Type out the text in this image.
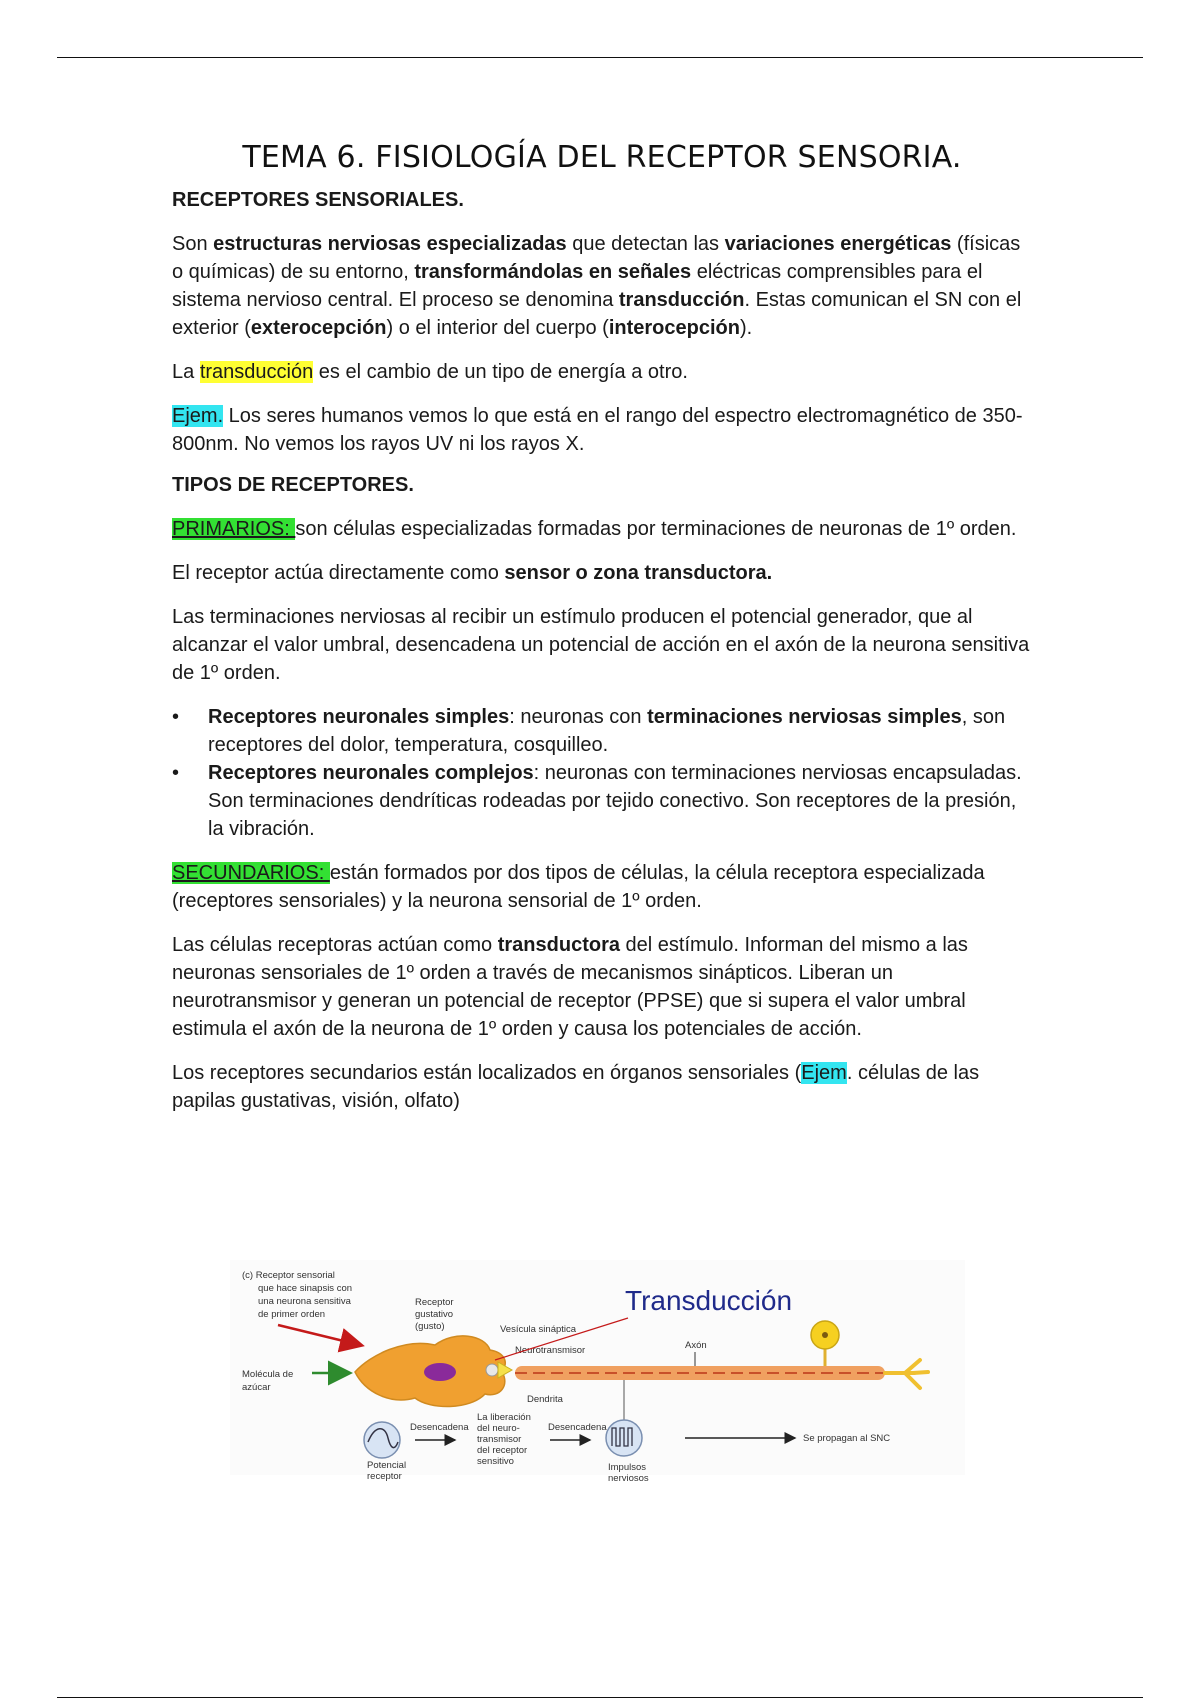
TEMA 6. FISIOLOGÍA DEL RECEPTOR SENSORIA.
RECEPTORES SENSORIALES.

Son estructuras nerviosas especializadas que detectan las variaciones energéticas (físicas o químicas) de su entorno, transformándolas en señales eléctricas comprensibles para el sistema nervioso central. El proceso se denomina transducción. Estas comunican el SN con el exterior (exterocepción) o el interior del cuerpo (interocepción).

La transducción es el cambio de un tipo de energía a otro.

Ejem. Los seres humanos vemos lo que está en el rango del espectro electromagnético de 350-800nm. No vemos los rayos UV ni los rayos X.

TIPOS DE RECEPTORES.

PRIMARIOS: son células especializadas formadas por terminaciones de neuronas de 1º orden.

El receptor actúa directamente como sensor o zona transductora.

Las terminaciones nerviosas al recibir un estímulo producen el potencial generador, que al alcanzar el valor umbral, desencadena un potencial de acción en el axón de la neurona sensitiva de 1º orden.

• Receptores neuronales simples: neuronas con terminaciones nerviosas simples, son receptores del dolor, temperatura, cosquilleo.
• Receptores neuronales complejos: neuronas con terminaciones nerviosas encapsuladas. Son terminaciones dendríticas rodeadas por tejido conectivo. Son receptores de la presión, la vibración.

SECUNDARIOS: están formados por dos tipos de células, la célula receptora especializada (receptores sensoriales) y la neurona sensorial de 1º orden.

Las células receptoras actúan como transductora del estímulo. Informan del mismo a las neuronas sensoriales de 1º orden a través de mecanismos sinápticos. Liberan un neurotransmisor y generan un potencial de receptor (PPSE) que si supera el valor umbral estimula el axón de la neurona de 1º orden y causa los potenciales de acción.

Los receptores secundarios están localizados en órganos sensoriales (Ejem. células de las papilas gustativas, visión, olfato)

(c) Receptor sensorial
que hace sinapsis con
una neurona sensitiva
de primer orden
Molécula de
azúcar
Receptor
gustativo
(gusto)	Vesícula sináptica
Neurotransmisor	Axón
Dendrita
Transducción
Potencial
receptor
Desencadena
La liberación
del neuro-
transmisor
del receptor
sensitivo
Desencadena
Impulsos
nerviosos
Se propagan al SNC
